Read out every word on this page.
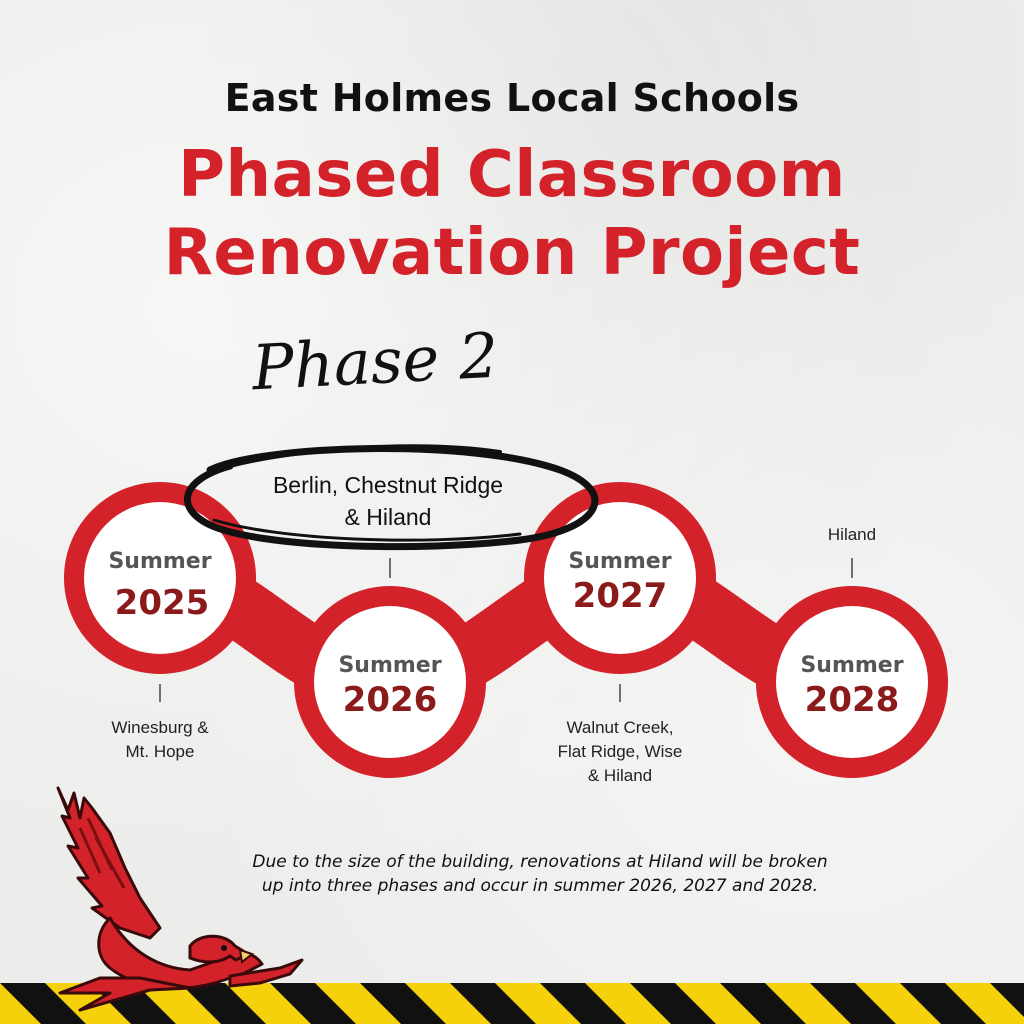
East Holmes Local Schools
Phased Classroom
Renovation Project
Phase 2
Summer
2025
Summer
2026
Summer
2027
Summer
2028
Winesburg &
Mt. Hope
Berlin, Chestnut Ridge
& Hiland
Walnut Creek,
Flat Ridge, Wise
& Hiland
Hiland
Due to the size of the building, renovations at Hiland will be broken
up into three phases and occur in summer 2026, 2027 and 2028.
